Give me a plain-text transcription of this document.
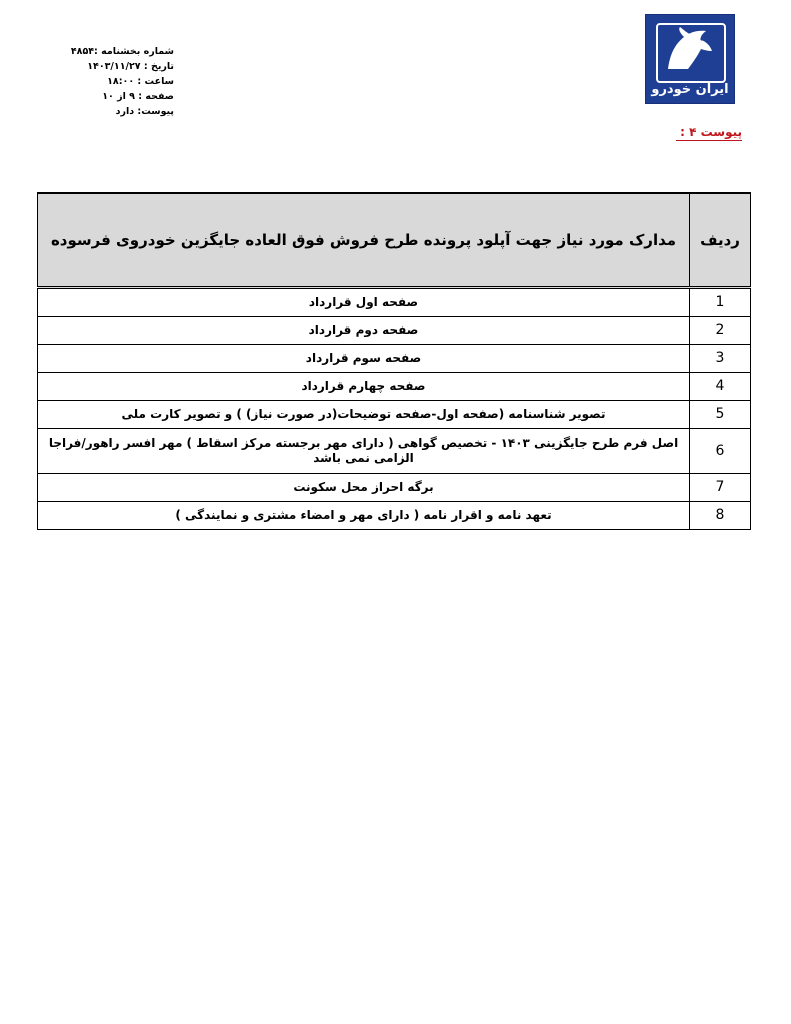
شماره بخشنامه :۴۸۵۴
تاریخ : ۱۴۰۳/۱۱/۲۷
ساعت : ۱۸:۰۰
صفحه : ۹ از ۱۰
پیوست: دارد
ایران خودرو
پیوست ۴ :
ردیف	مدارک مورد نیاز جهت آپلود پرونده طرح فروش فوق العاده جایگزین خودروی فرسوده
1	صفحه اول قرارداد
2	صفحه دوم قرارداد
3	صفحه سوم قرارداد
4	صفحه چهارم قرارداد
5	تصویر شناسنامه (صفحه اول-صفحه توضیحات(در صورت نیاز) ) و تصویر کارت ملی
6	اصل فرم طرح جایگزینی ۱۴۰۳ - تخصیص گواهی ( دارای مهر برجسته مرکز اسقاط ) مهر افسر راهور/فراجا الزامی نمی باشد
7	برگه احراز محل سکونت
8	تعهد نامه و اقرار نامه ( دارای مهر و امضاء مشتری و نمایندگی )
